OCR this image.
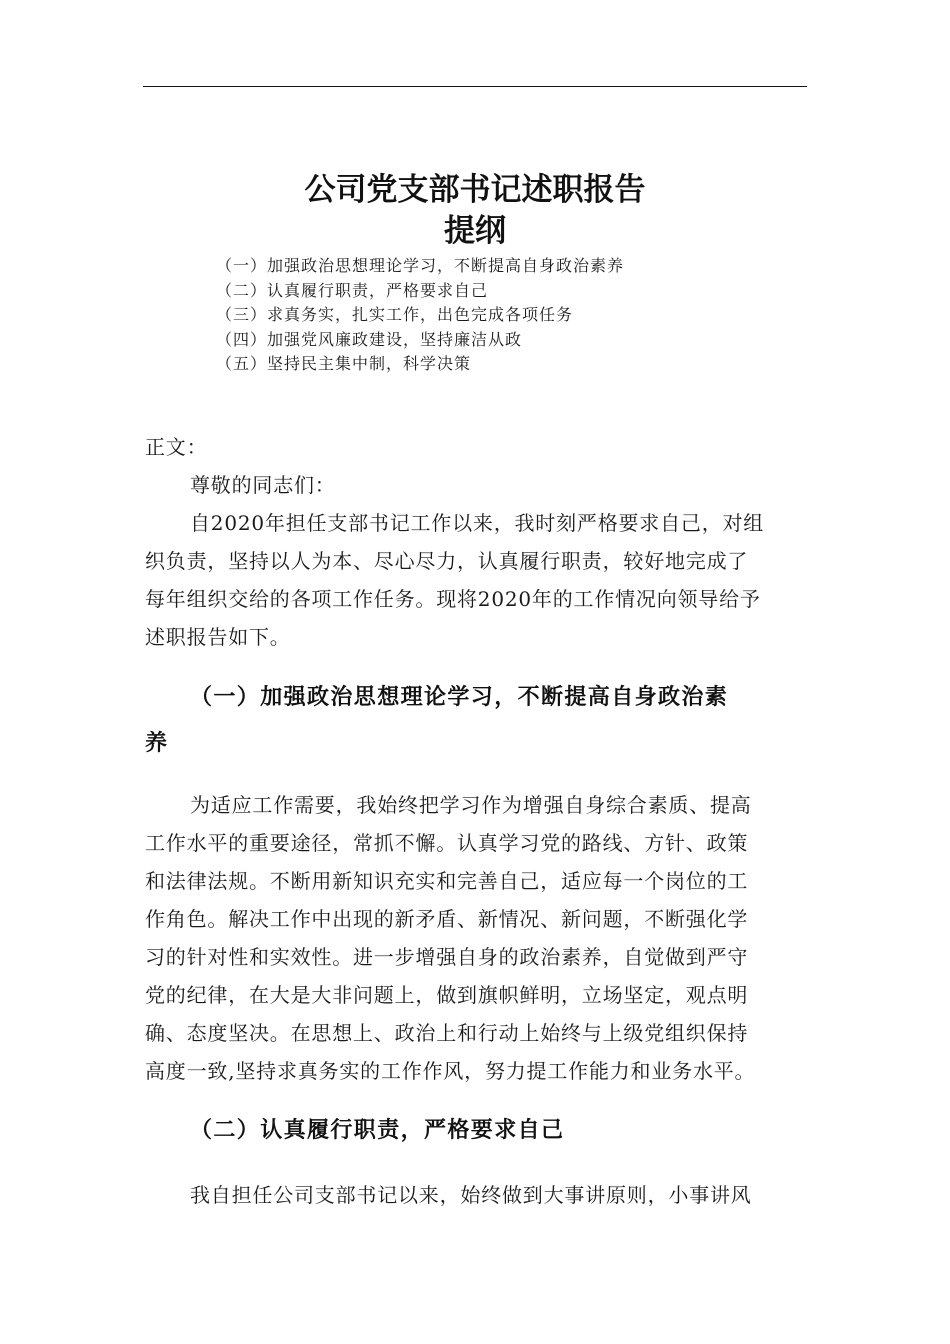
公司党支部书记述职报告
提纲
（一）加强政治思想理论学习，不断提高自身政治素养
（二）认真履行职责，严格要求自己
（三）求真务实，扎实工作，出色完成各项任务
（四）加强党风廉政建设，坚持廉洁从政
（五）坚持民主集中制，科学决策
正文：
尊敬的同志们：
自2020年担任支部书记工作以来，我时刻严格要求自己，对组
织负责，坚持以人为本、尽心尽力，认真履行职责，较好地完成了
每年组织交给的各项工作任务。现将2020年的工作情况向领导给予
述职报告如下。
（一）加强政治思想理论学习，不断提高自身政治素
养
为适应工作需要，我始终把学习作为增强自身综合素质、提高
工作水平的重要途径，常抓不懈。认真学习党的路线、方针、政策
和法律法规。不断用新知识充实和完善自己，适应每一个岗位的工
作角色。解决工作中出现的新矛盾、新情况、新问题，不断强化学
习的针对性和实效性。进一步增强自身的政治素养，自觉做到严守
党的纪律，在大是大非问题上，做到旗帜鲜明，立场坚定，观点明
确、态度坚决。在思想上、政治上和行动上始终与上级党组织保持
高度一致,坚持求真务实的工作作风，努力提工作能力和业务水平。
（二）认真履行职责，严格要求自己
我自担任公司支部书记以来，始终做到大事讲原则，小事讲风
